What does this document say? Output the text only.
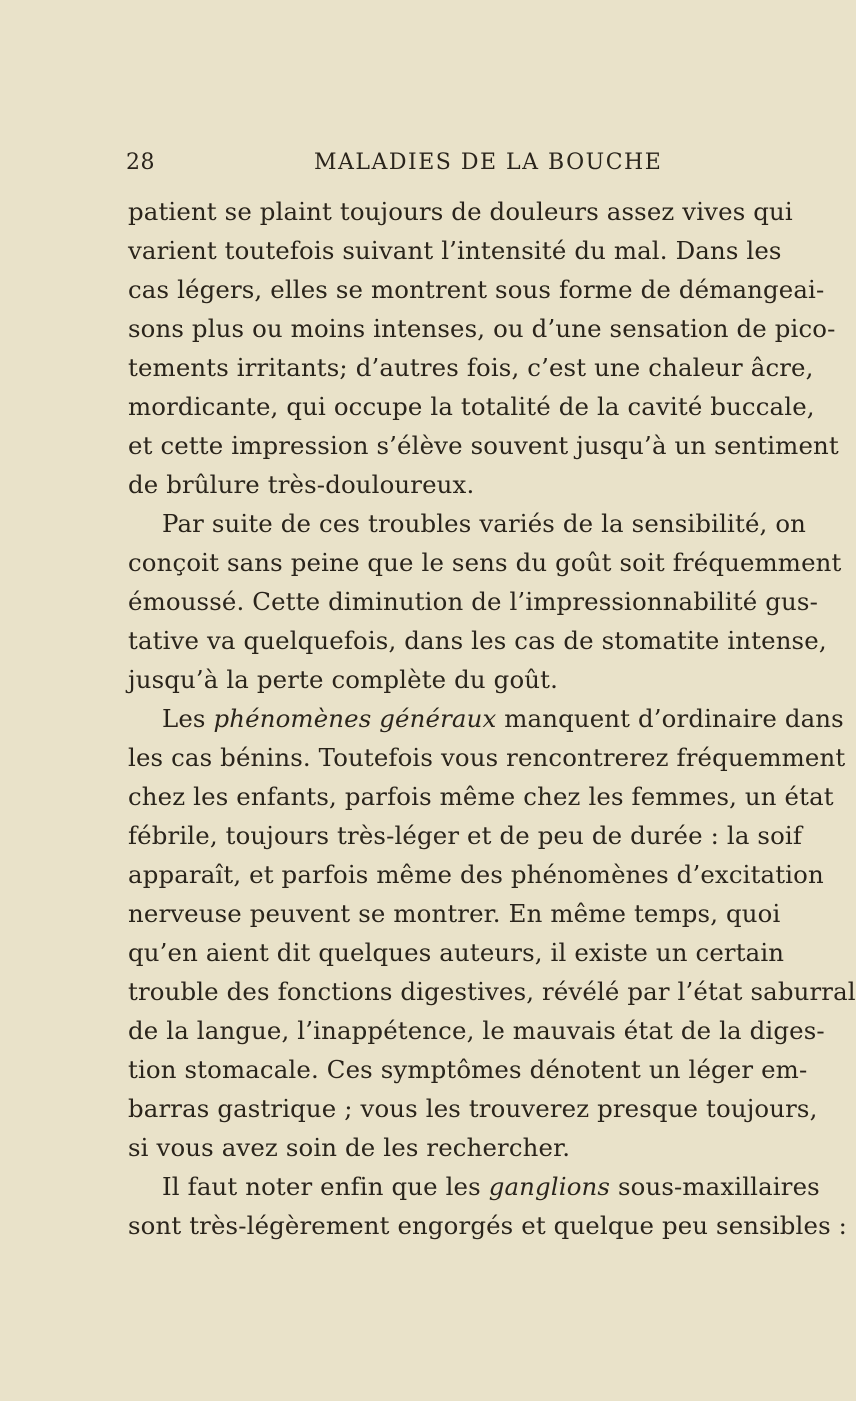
28	MALADIES DE LA BOUCHE
patient se plaint toujours de douleurs assez vives qui
varient toutefois suivant l’intensité du mal. Dans les
cas légers, elles se montrent sous forme de démangeai-
sons plus ou moins intenses, ou d’une sensation de pico-
tements irritants; d’autres fois, c’est une chaleur âcre,
mordicante, qui occupe la totalité de la cavité buccale,
et cette impression s’élève souvent jusqu’à un sentiment
de brûlure très-douloureux.
Par suite de ces troubles variés de la sensibilité, on
conçoit sans peine que le sens du goût soit fréquemment
émoussé. Cette diminution de l’impressionnabilité gus-
tative va quelquefois, dans les cas de stomatite intense,
jusqu’à la perte complète du goût.
Les phénomènes généraux manquent d’ordinaire dans
les cas bénins. Toutefois vous rencontrerez fréquemment
chez les enfants, parfois même chez les femmes, un état
fébrile, toujours très-léger et de peu de durée : la soif
apparaît, et parfois même des phénomènes d’excitation
nerveuse peuvent se montrer. En même temps, quoi
qu’en aient dit quelques auteurs, il existe un certain
trouble des fonctions digestives, révélé par l’état saburral
de la langue, l’inappétence, le mauvais état de la diges-
tion stomacale. Ces symptômes dénotent un léger em-
barras gastrique ; vous les trouverez presque toujours,
si vous avez soin de les rechercher.
Il faut noter enfin que les ganglions sous-maxillaires
sont très-légèrement engorgés et quelque peu sensibles :
